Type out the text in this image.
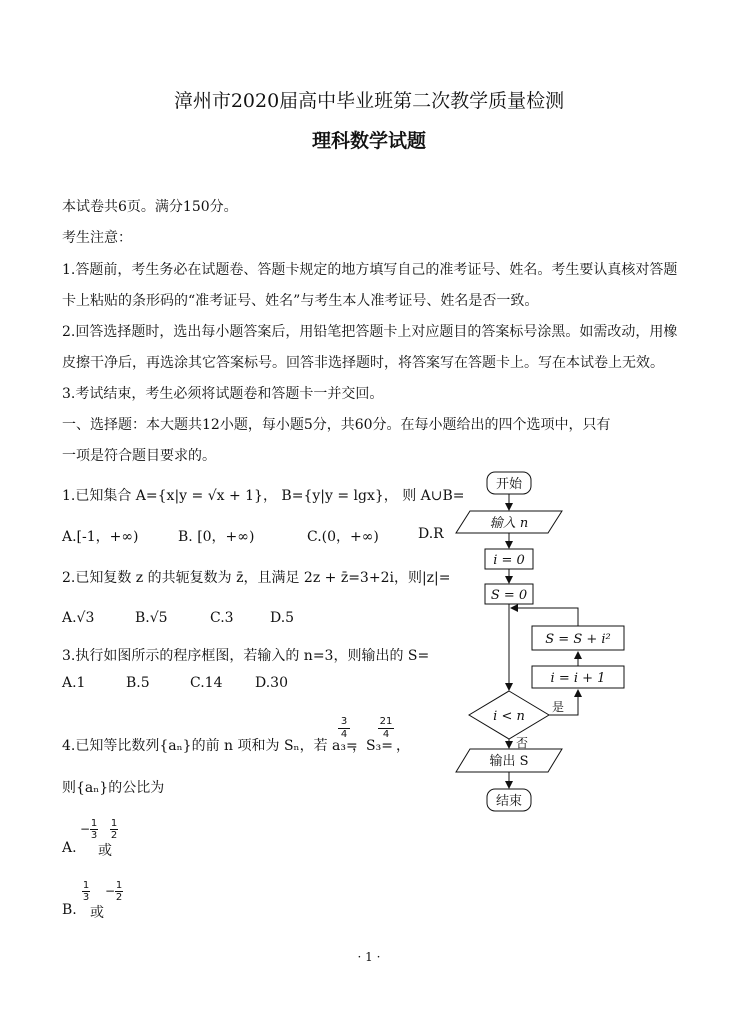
漳州市2020届高中毕业班第二次教学质量检测
理科数学试题
本试卷共6页。满分150分。
考生注意：
1.答题前，考生务必在试题卷、答题卡规定的地方填写自己的准考证号、姓名。考生要认真核对答题
卡上粘贴的条形码的“准考证号、姓名”与考生本人准考证号、姓名是否一致。
2.回答选择题时，选出每小题答案后，用铅笔把答题卡上对应题目的答案标号涂黑。如需改动，用橡
皮擦干净后，再选涂其它答案标号。回答非选择题时，将答案写在答题卡上。写在本试卷上无效。
3.考试结束，考生必须将试题卷和答题卡一并交回。
一、选择题：本大题共12小题，每小题5分，共60分。在每小题给出的四个选项中，只有
一项是符合题目要求的。
1.已知集合 A={x|y = √x + 1}， B={y|y = lgx}， 则 A∪B=
A.[-1，+∞)	B. [0，+∞)	C.(0，+∞)	D.R
2.已知复数 z 的共轭复数为 z̄，且满足 2z + z̄=3+2i，则|z|=
A.√3	B.√5	C.3	D.5
3.执行如图所示的程序框图，若输入的 n=3，则输出的 S=
A.1	B.5	C.14 D.30
4.已知等比数列{aₙ}的前 n 项和为 Sₙ，若 a₃=
$\frac{3}{4}$
，S₃=
$\frac{21}{4}$
，
则{aₙ}的公比为
A.
− $\frac{1}{3}$
或
$\frac{1}{2}$
B.
$\frac{1}{3}$
或
− $\frac{1}{2}$
开始
输入 n
i = 0
S = 0
S = S + i²
i = i + 1
i < n
是
否
输出 S
结束
· 1 ·
